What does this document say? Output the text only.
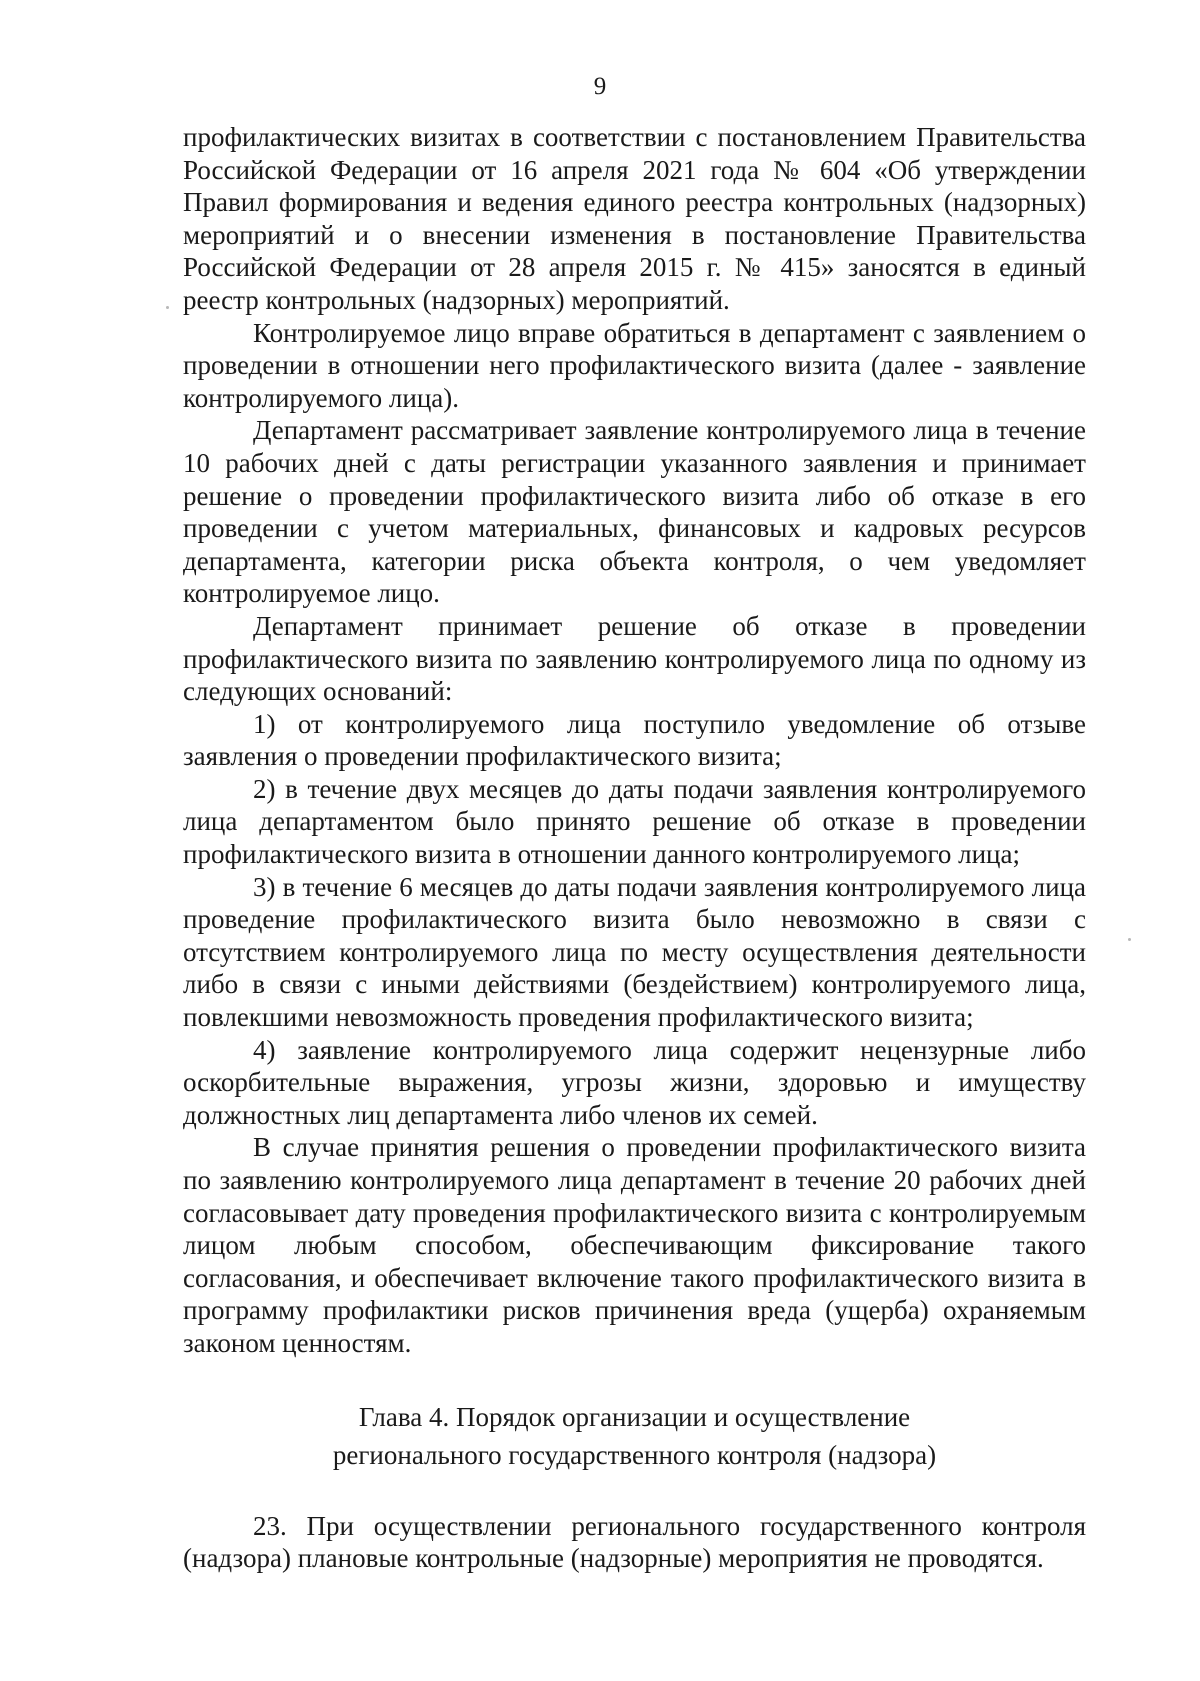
9

профилактических визитах в соответствии с постановлением Правительства Российской Федерации от 16 апреля 2021 года № 604 «Об утверждении Правил формирования и ведения единого реестра контрольных (надзорных) мероприятий и о внесении изменения в постановление Правительства Российской Федерации от 28 апреля 2015 г. № 415» заносятся в единый реестр контрольных (надзорных) мероприятий.

Контролируемое лицо вправе обратиться в департамент с заявлением о проведении в отношении него профилактического визита (далее - заявление контролируемого лица).

Департамент рассматривает заявление контролируемого лица в течение 10 рабочих дней с даты регистрации указанного заявления и принимает решение о проведении профилактического визита либо об отказе в его проведении с учетом материальных, финансовых и кадровых ресурсов департамента, категории риска объекта контроля, о чем уведомляет контролируемое лицо.

Департамент принимает решение об отказе в проведении профилактического визита по заявлению контролируемого лица по одному из следующих оснований:

1) от контролируемого лица поступило уведомление об отзыве заявления о проведении профилактического визита;

2) в течение двух месяцев до даты подачи заявления контролируемого лица департаментом было принято решение об отказе в проведении профилактического визита в отношении данного контролируемого лица;

3) в течение 6 месяцев до даты подачи заявления контролируемого лица проведение профилактического визита было невозможно в связи с отсутствием контролируемого лица по месту осуществления деятельности либо в связи с иными действиями (бездействием) контролируемого лица, повлекшими невозможность проведения профилактического визита;

4) заявление контролируемого лица содержит нецензурные либо оскорбительные выражения, угрозы жизни, здоровью и имуществу должностных лиц департамента либо членов их семей.

В случае принятия решения о проведении профилактического визита по заявлению контролируемого лица департамент в течение 20 рабочих дней согласовывает дату проведения профилактического визита с контролируемым лицом любым способом, обеспечивающим фиксирование такого согласования, и обеспечивает включение такого профилактического визита в программу профилактики рисков причинения вреда (ущерба) охраняемым законом ценностям.

Глава 4. Порядок организации и осуществление
регионального государственного контроля (надзора)

23. При осуществлении регионального государственного контроля (надзора) плановые контрольные (надзорные) мероприятия не проводятся.
